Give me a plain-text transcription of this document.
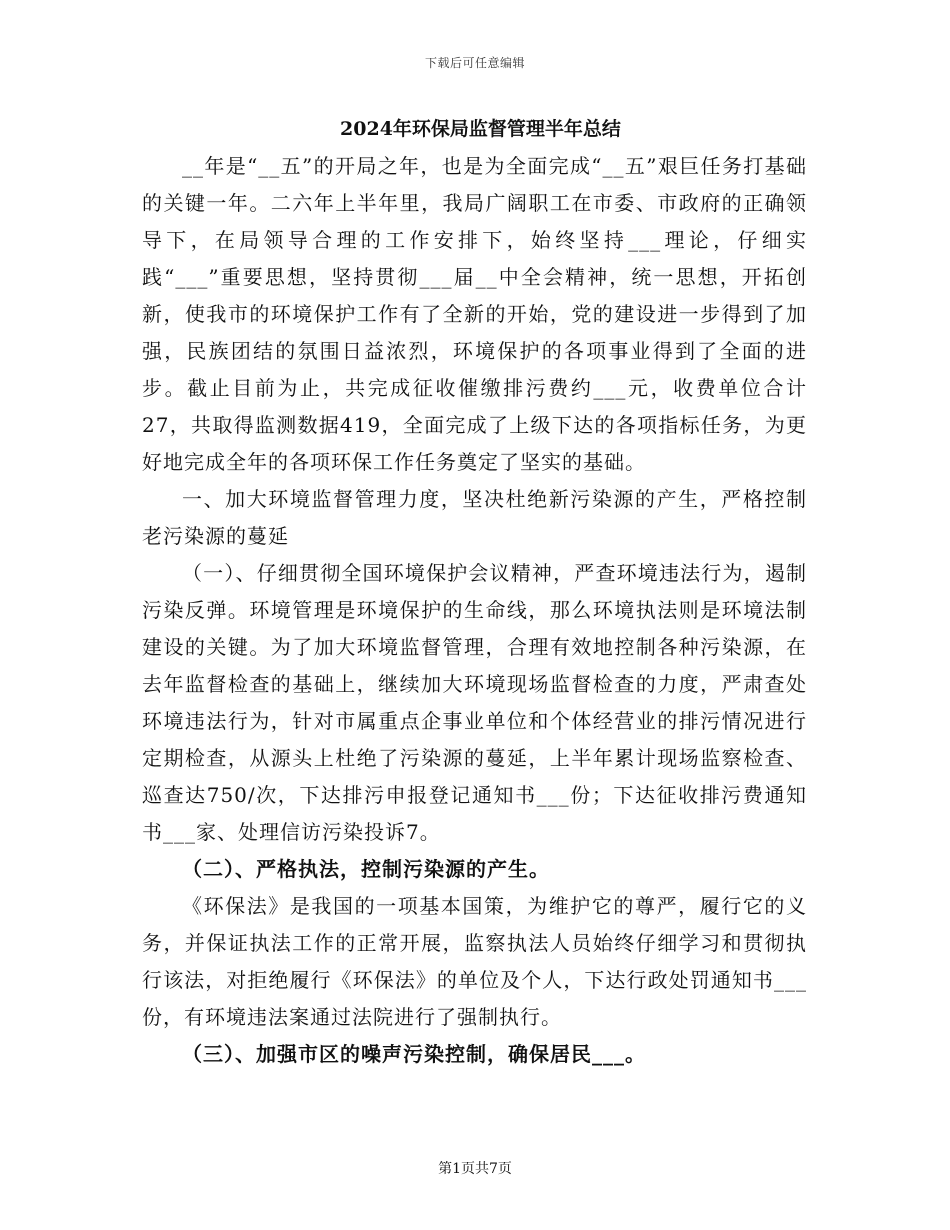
下载后可任意编辑
2024年环保局监督管理半年总结

__年是“__五”的开局之年，也是为全面完成“__五”艰巨任务打基础的关键一年。二六年上半年里，我局广阔职工在市委、市政府的正确领导下，在局领导合理的工作安排下，始终坚持___理论，仔细实践“___”重要思想，坚持贯彻___届__中全会精神，统一思想，开拓创新，使我市的环境保护工作有了全新的开始，党的建设进一步得到了加强，民族团结的氛围日益浓烈，环境保护的各项事业得到了全面的进步。截止目前为止，共完成征收催缴排污费约___元，收费单位合计27，共取得监测数据419，全面完成了上级下达的各项指标任务，为更好地完成全年的各项环保工作任务奠定了坚实的基础。

一、加大环境监督管理力度，坚决杜绝新污染源的产生，严格控制老污染源的蔓延

（一）、仔细贯彻全国环境保护会议精神，严查环境违法行为，遏制污染反弹。环境管理是环境保护的生命线，那么环境执法则是环境法制建设的关键。为了加大环境监督管理，合理有效地控制各种污染源，在去年监督检查的基础上，继续加大环境现场监督检查的力度，严肃查处环境违法行为，针对市属重点企事业单位和个体经营业的排污情况进行定期检查，从源头上杜绝了污染源的蔓延，上半年累计现场监察检查、巡查达750/次，下达排污申报登记通知书___份；下达征收排污费通知书___家、处理信访污染投诉7。

（二）、严格执法，控制污染源的产生。

《环保法》是我国的一项基本国策，为维护它的尊严，履行它的义务，并保证执法工作的正常开展，监察执法人员始终仔细学习和贯彻执行该法，对拒绝履行《环保法》的单位及个人，下达行政处罚通知书___份，有环境违法案通过法院进行了强制执行。

（三）、加强市区的噪声污染控制，确保居民___。

第1页共7页
